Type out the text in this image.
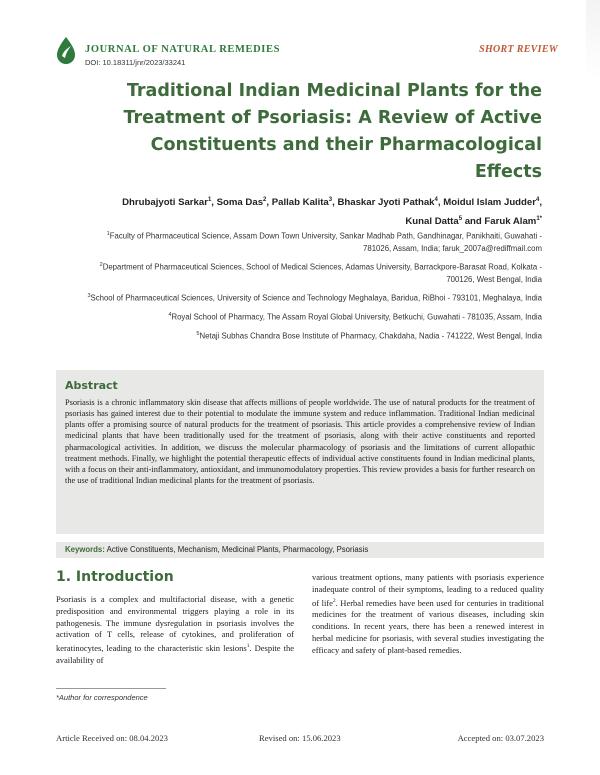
JOURNAL OF NATURAL REMEDIES
DOI: 10.18311/jnr/2023/33241
SHORT REVIEW
Traditional Indian Medicinal Plants for the Treatment of Psoriasis: A Review of Active Constituents and their Pharmacological Effects
Dhrubajyoti Sarkar$^1$, Soma Das$^2$, Pallab Kalita$^3$, Bhaskar Jyoti Pathak$^4$, Moidul Islam Judder$^4$, Kunal Datta$^5$ and Faruk Alam$^{1*}$
$^1$Faculty of Pharmaceutical Science, Assam Down Town University, Sankar Madhab Path, Gandhinagar, Panikhaiti, Guwahati - 781026, Assam, India; faruk_2007a@rediffmail.com
$^2$Department of Pharmaceutical Sciences, School of Medical Sciences, Adamas University, Barrackpore-Barasat Road, Kolkata - 700126, West Bengal, India
$^3$School of Pharmaceutical Sciences, University of Science and Technology Meghalaya, Baridua, RiBhoi - 793101, Meghalaya, India
$^4$Royal School of Pharmacy, The Assam Royal Global University, Betkuchi, Guwahati - 781035, Assam, India
$^5$Netaji Subhas Chandra Bose Institute of Pharmacy, Chakdaha, Nadia - 741222, West Bengal, India
Abstract

Psoriasis is a chronic inflammatory skin disease that affects millions of people worldwide. The use of natural products for the treatment of psoriasis has gained interest due to their potential to modulate the immune system and reduce inflammation. Traditional Indian medicinal plants offer a promising source of natural products for the treatment of psoriasis. This article provides a comprehensive review of Indian medicinal plants that have been traditionally used for the treatment of psoriasis, along with their active constituents and reported pharmacological activities. In addition, we discuss the molecular pharmacology of psoriasis and the limitations of current allopathic treatment methods. Finally, we highlight the potential therapeutic effects of individual active constituents found in Indian medicinal plants, with a focus on their anti-inflammatory, antioxidant, and immunomodulatory properties. This review provides a basis for further research on the use of traditional Indian medicinal plants for the treatment of psoriasis.

Keywords: Active Constituents, Mechanism, Medicinal Plants, Pharmacology, Psoriasis
1. Introduction

Psoriasis is a complex and multifactorial disease, with a genetic predisposition and environmental triggers playing a role in its pathogenesis. The immune dysregulation in psoriasis involves the activation of T cells, release of cytokines, and proliferation of keratinocytes, leading to the characteristic skin lesions$^1$. Despite the availability of

various treatment options, many patients with psoriasis experience inadequate control of their symptoms, leading to a reduced quality of life$^2$. Herbal remedies have been used for centuries in traditional medicines for the treatment of various diseases, including skin conditions. In recent years, there has been a renewed interest in herbal medicine for psoriasis, with several studies investigating the efficacy and safety of plant-based remedies.

*Author for correspondence
Article Received on: 08.04.2023	Revised on: 15.06.2023	Accepted on: 03.07.2023
